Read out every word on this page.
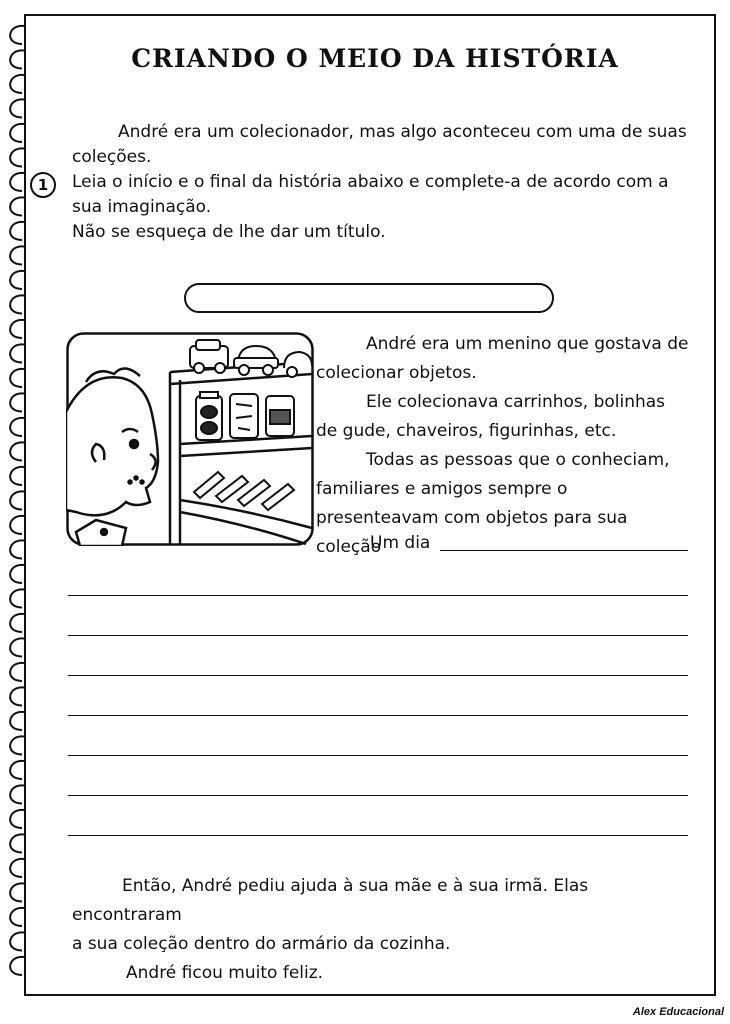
CRIANDO O MEIO DA HISTÓRIA
1

André era um colecionador, mas algo aconteceu com uma de suas coleções.

Leia o início e o final da história abaixo e complete-a de acordo com a sua imaginação.

Não se esqueça de lhe dar um título.

André era um menino que gostava de colecionar objetos.

Ele colecionava carrinhos, bolinhas de gude, chaveiros, figurinhas, etc.

Todas as pessoas que o conheciam, familiares e amigos sempre o presenteavam com objetos para sua coleção

Um dia

Então, André pediu ajuda à sua mãe e à sua irmã. Elas encontraram

a sua coleção dentro do armário da cozinha.

André ficou muito feliz.

Alex Educacional
